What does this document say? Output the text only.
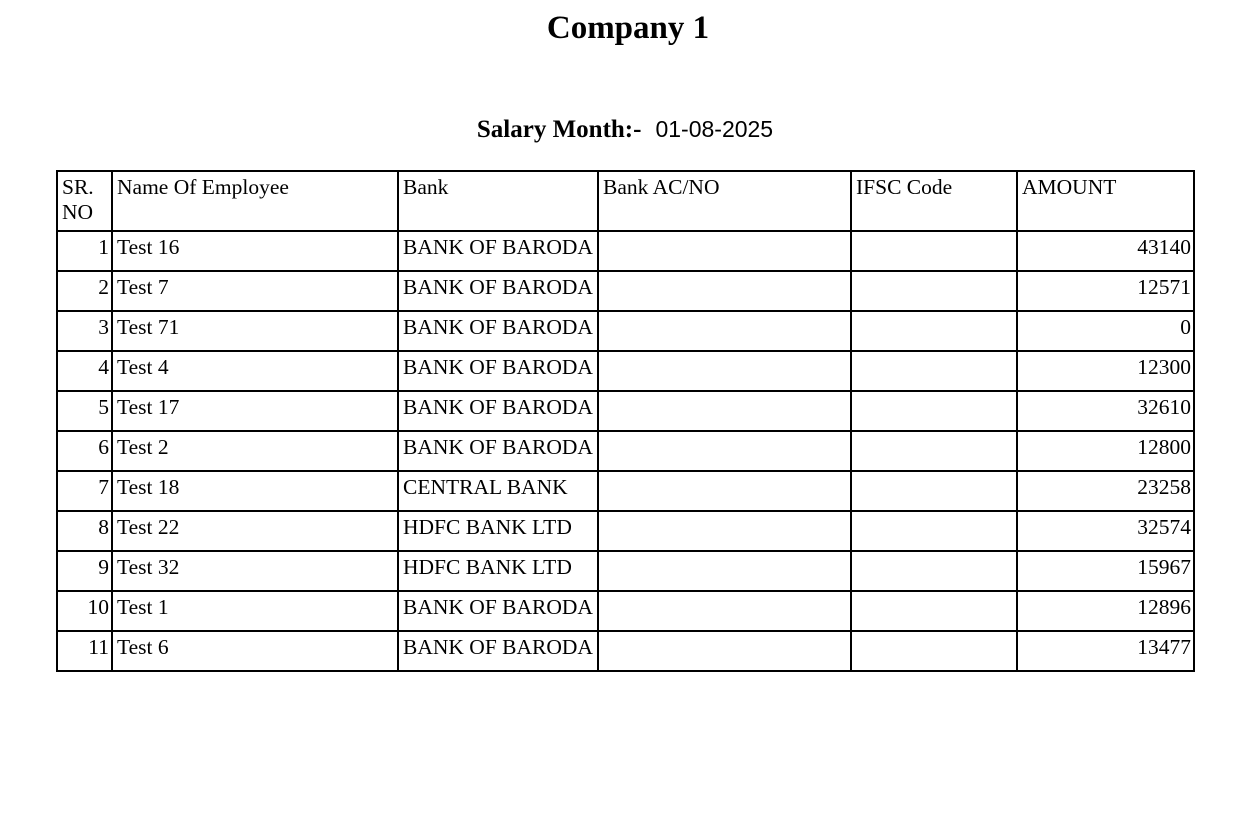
Company 1
Salary Month:- 01-08-2025
SR. NO	Name Of Employee	Bank	Bank AC/NO	IFSC Code	AMOUNT
1	Test 16	BANK OF BARODA			43140
2	Test 7	BANK OF BARODA			12571
3	Test 71	BANK OF BARODA			0
4	Test 4	BANK OF BARODA			12300
5	Test 17	BANK OF BARODA			32610
6	Test 2	BANK OF BARODA			12800
7	Test 18	CENTRAL BANK			23258
8	Test 22	HDFC BANK LTD			32574
9	Test 32	HDFC BANK LTD			15967
10	Test 1	BANK OF BARODA			12896
11	Test 6	BANK OF BARODA			13477
